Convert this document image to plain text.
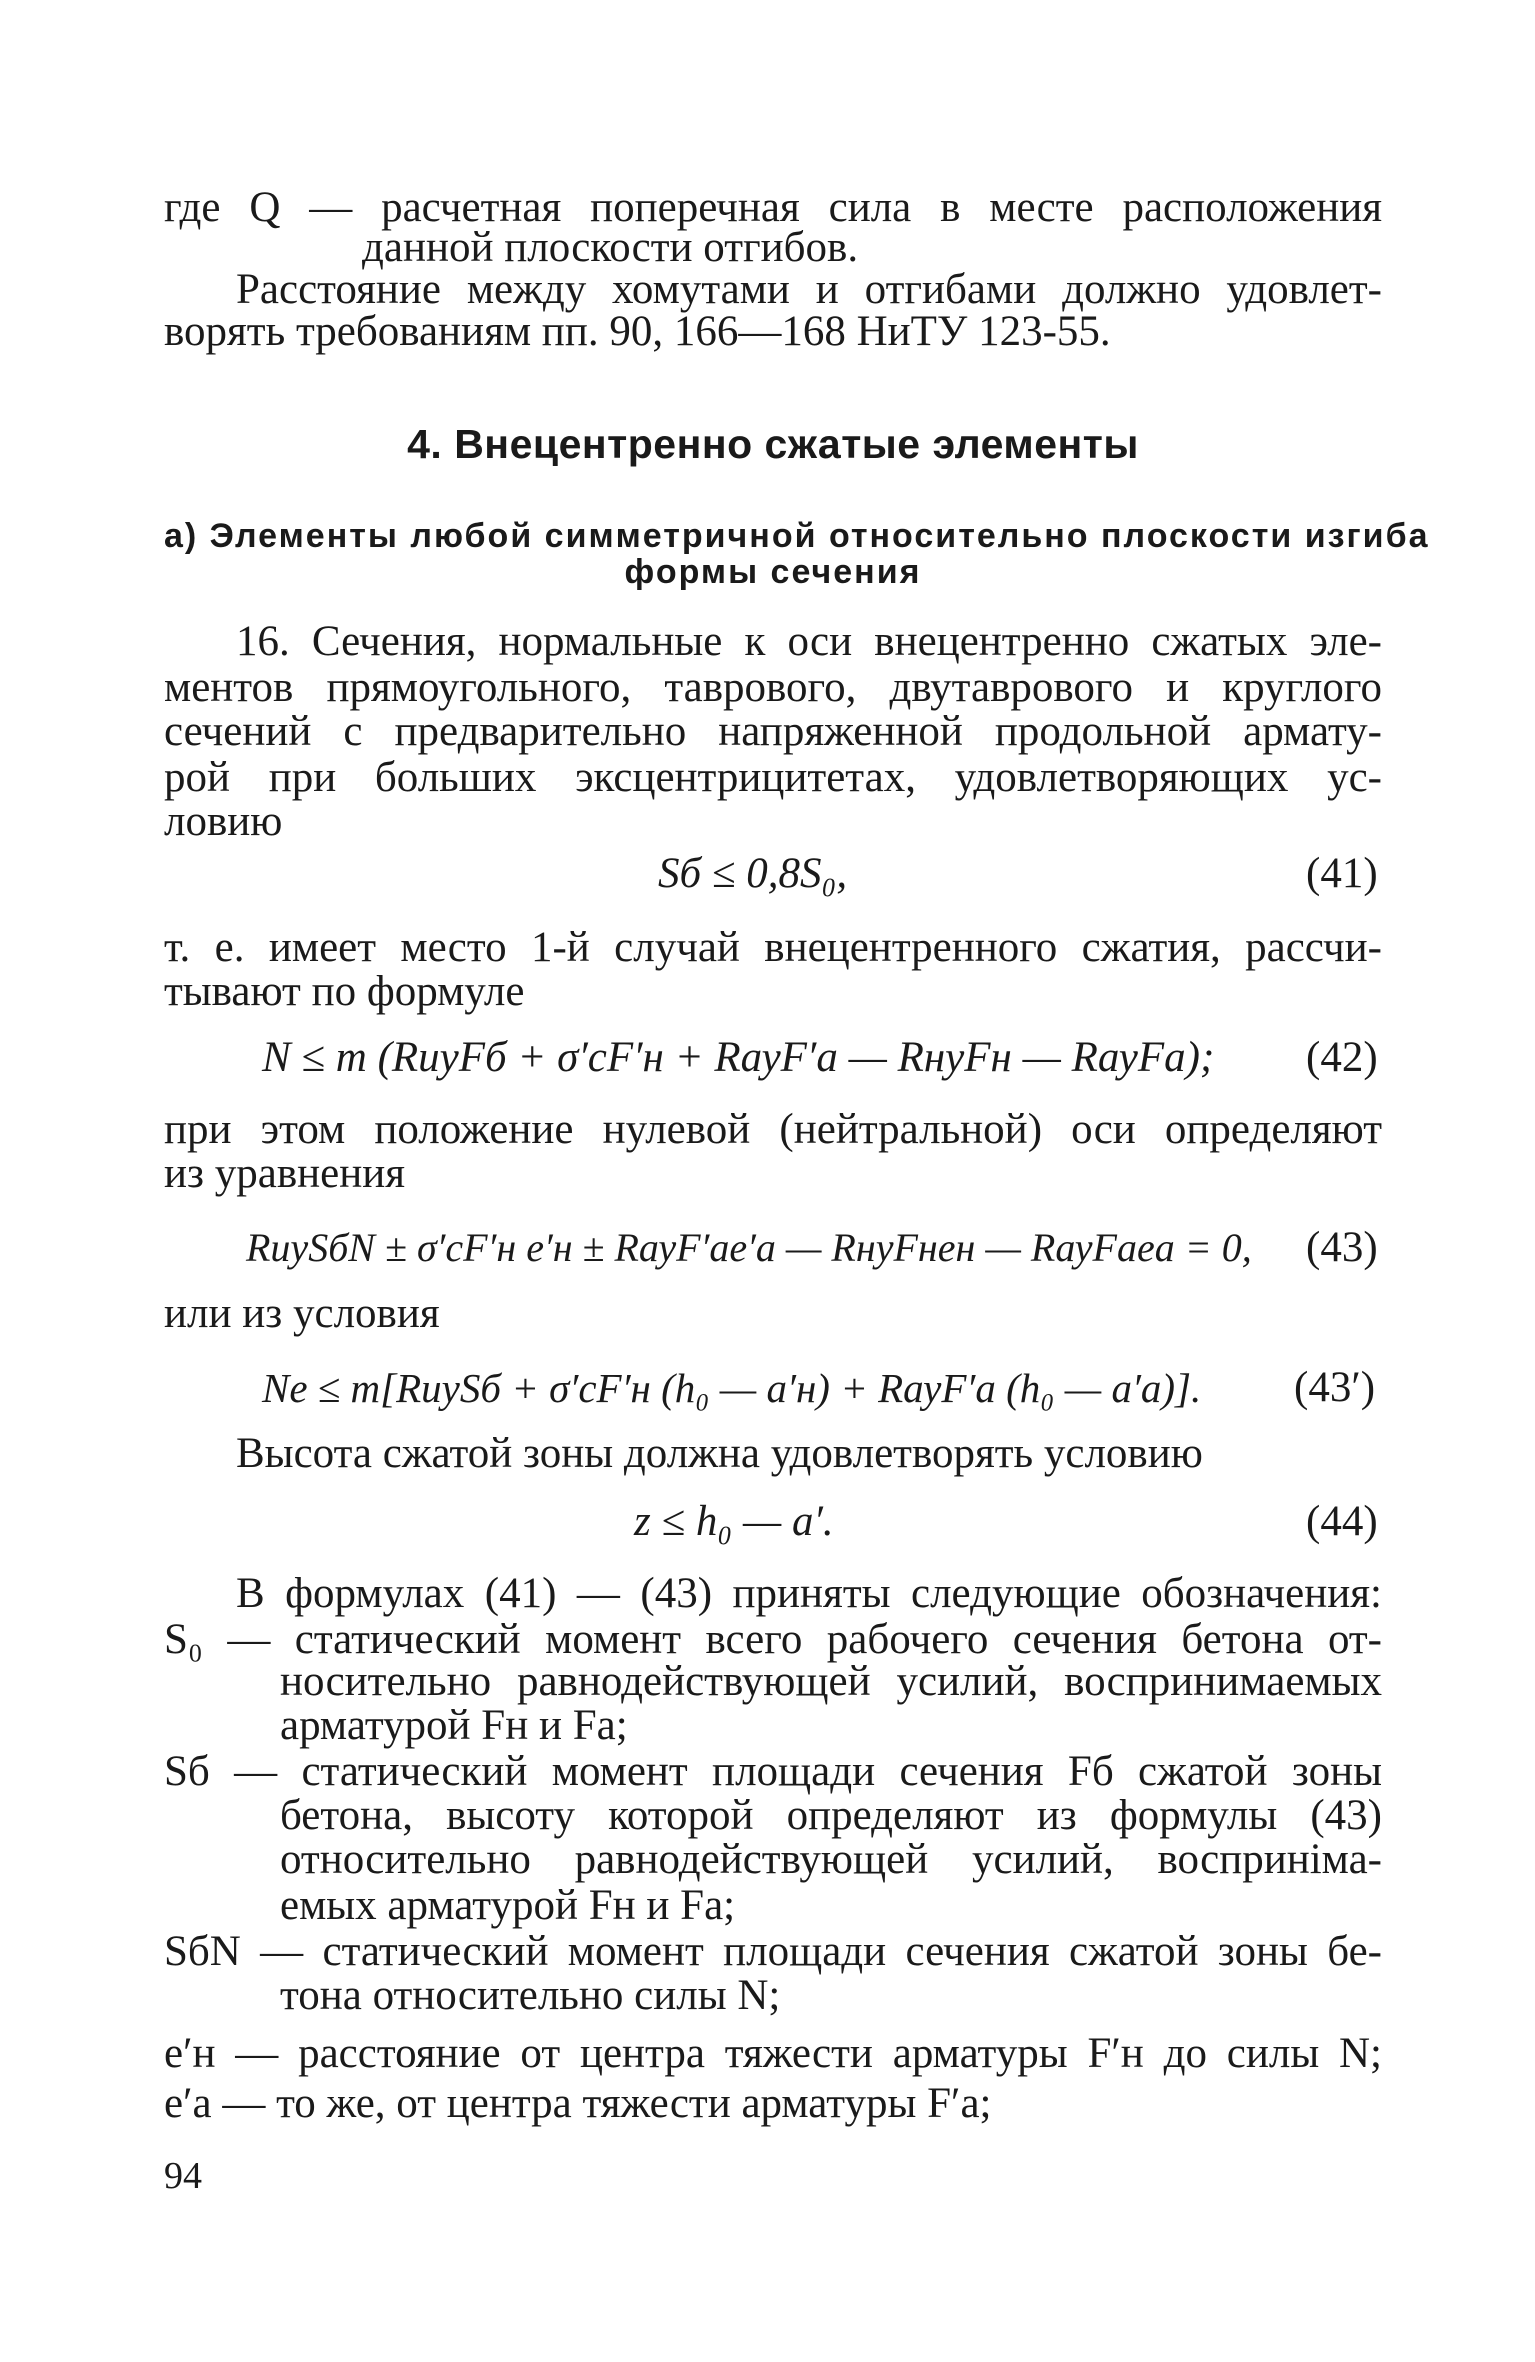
где Q — расчетная поперечная сила в месте расположения

данной плоскости отгибов.

Расстояние между хомутами и отгибами должно удовлет-

ворять требованиям пп. 90, 166—168 НиТУ 123-55.

4. Внецентренно сжатые элементы

а) Элементы любой симметричной относительно плоскости изгиба

формы сечения

16. Сечения, нормальные к оси внецентренно сжатых эле-

ментов прямоугольного, таврового, двутаврового и круглого

сечений с предварительно напряженной продольной армату-

рой при больших эксцентрицитетах, удовлетворяющих ус-

ловию

Sб ≤ 0,8S₀,	(41)

т. е. имеет место 1-й случай внецентренного сжатия, рассчи-

тывают по формуле

N ≤ m (RиуFб + σ′сF′н + RауF′а — RнуFн — RауFа); (42)

при этом положение нулевой (нейтральной) оси определяют

из уравнения

RиуSбN ± σ′сF′н e′н ± RауF′аe′а — RнуFнeн — RауFаeа = 0, (43)

или из условия

Ne ≤ m[RиуSб + σ′сF′н (h₀ — a′н) + RауF′а (h₀ — a′а)]. (43′)

Высота сжатой зоны должна удовлетворять условию

z ≤ h₀ — a′.	(44)

В формулах (41) — (43) приняты следующие обозначения:

S₀ — статический момент всего рабочего сечения бетона от-

носительно равнодействующей усилий, воспринимаемых

арматурой Fн и Fа;

Sб — статический момент площади сечения Fб сжатой зоны

бетона, высоту которой определяют из формулы (43)

относительно равнодействующей усилий, восприніма-

емых арматурой Fн и Fа;

SбN — статический момент площади сечения сжатой зоны бе-

тона относительно силы N;

e′н — расстояние от центра тяжести арматуры F′н до силы N;

e′а — то же, от центра тяжести арматуры F′а;

94
